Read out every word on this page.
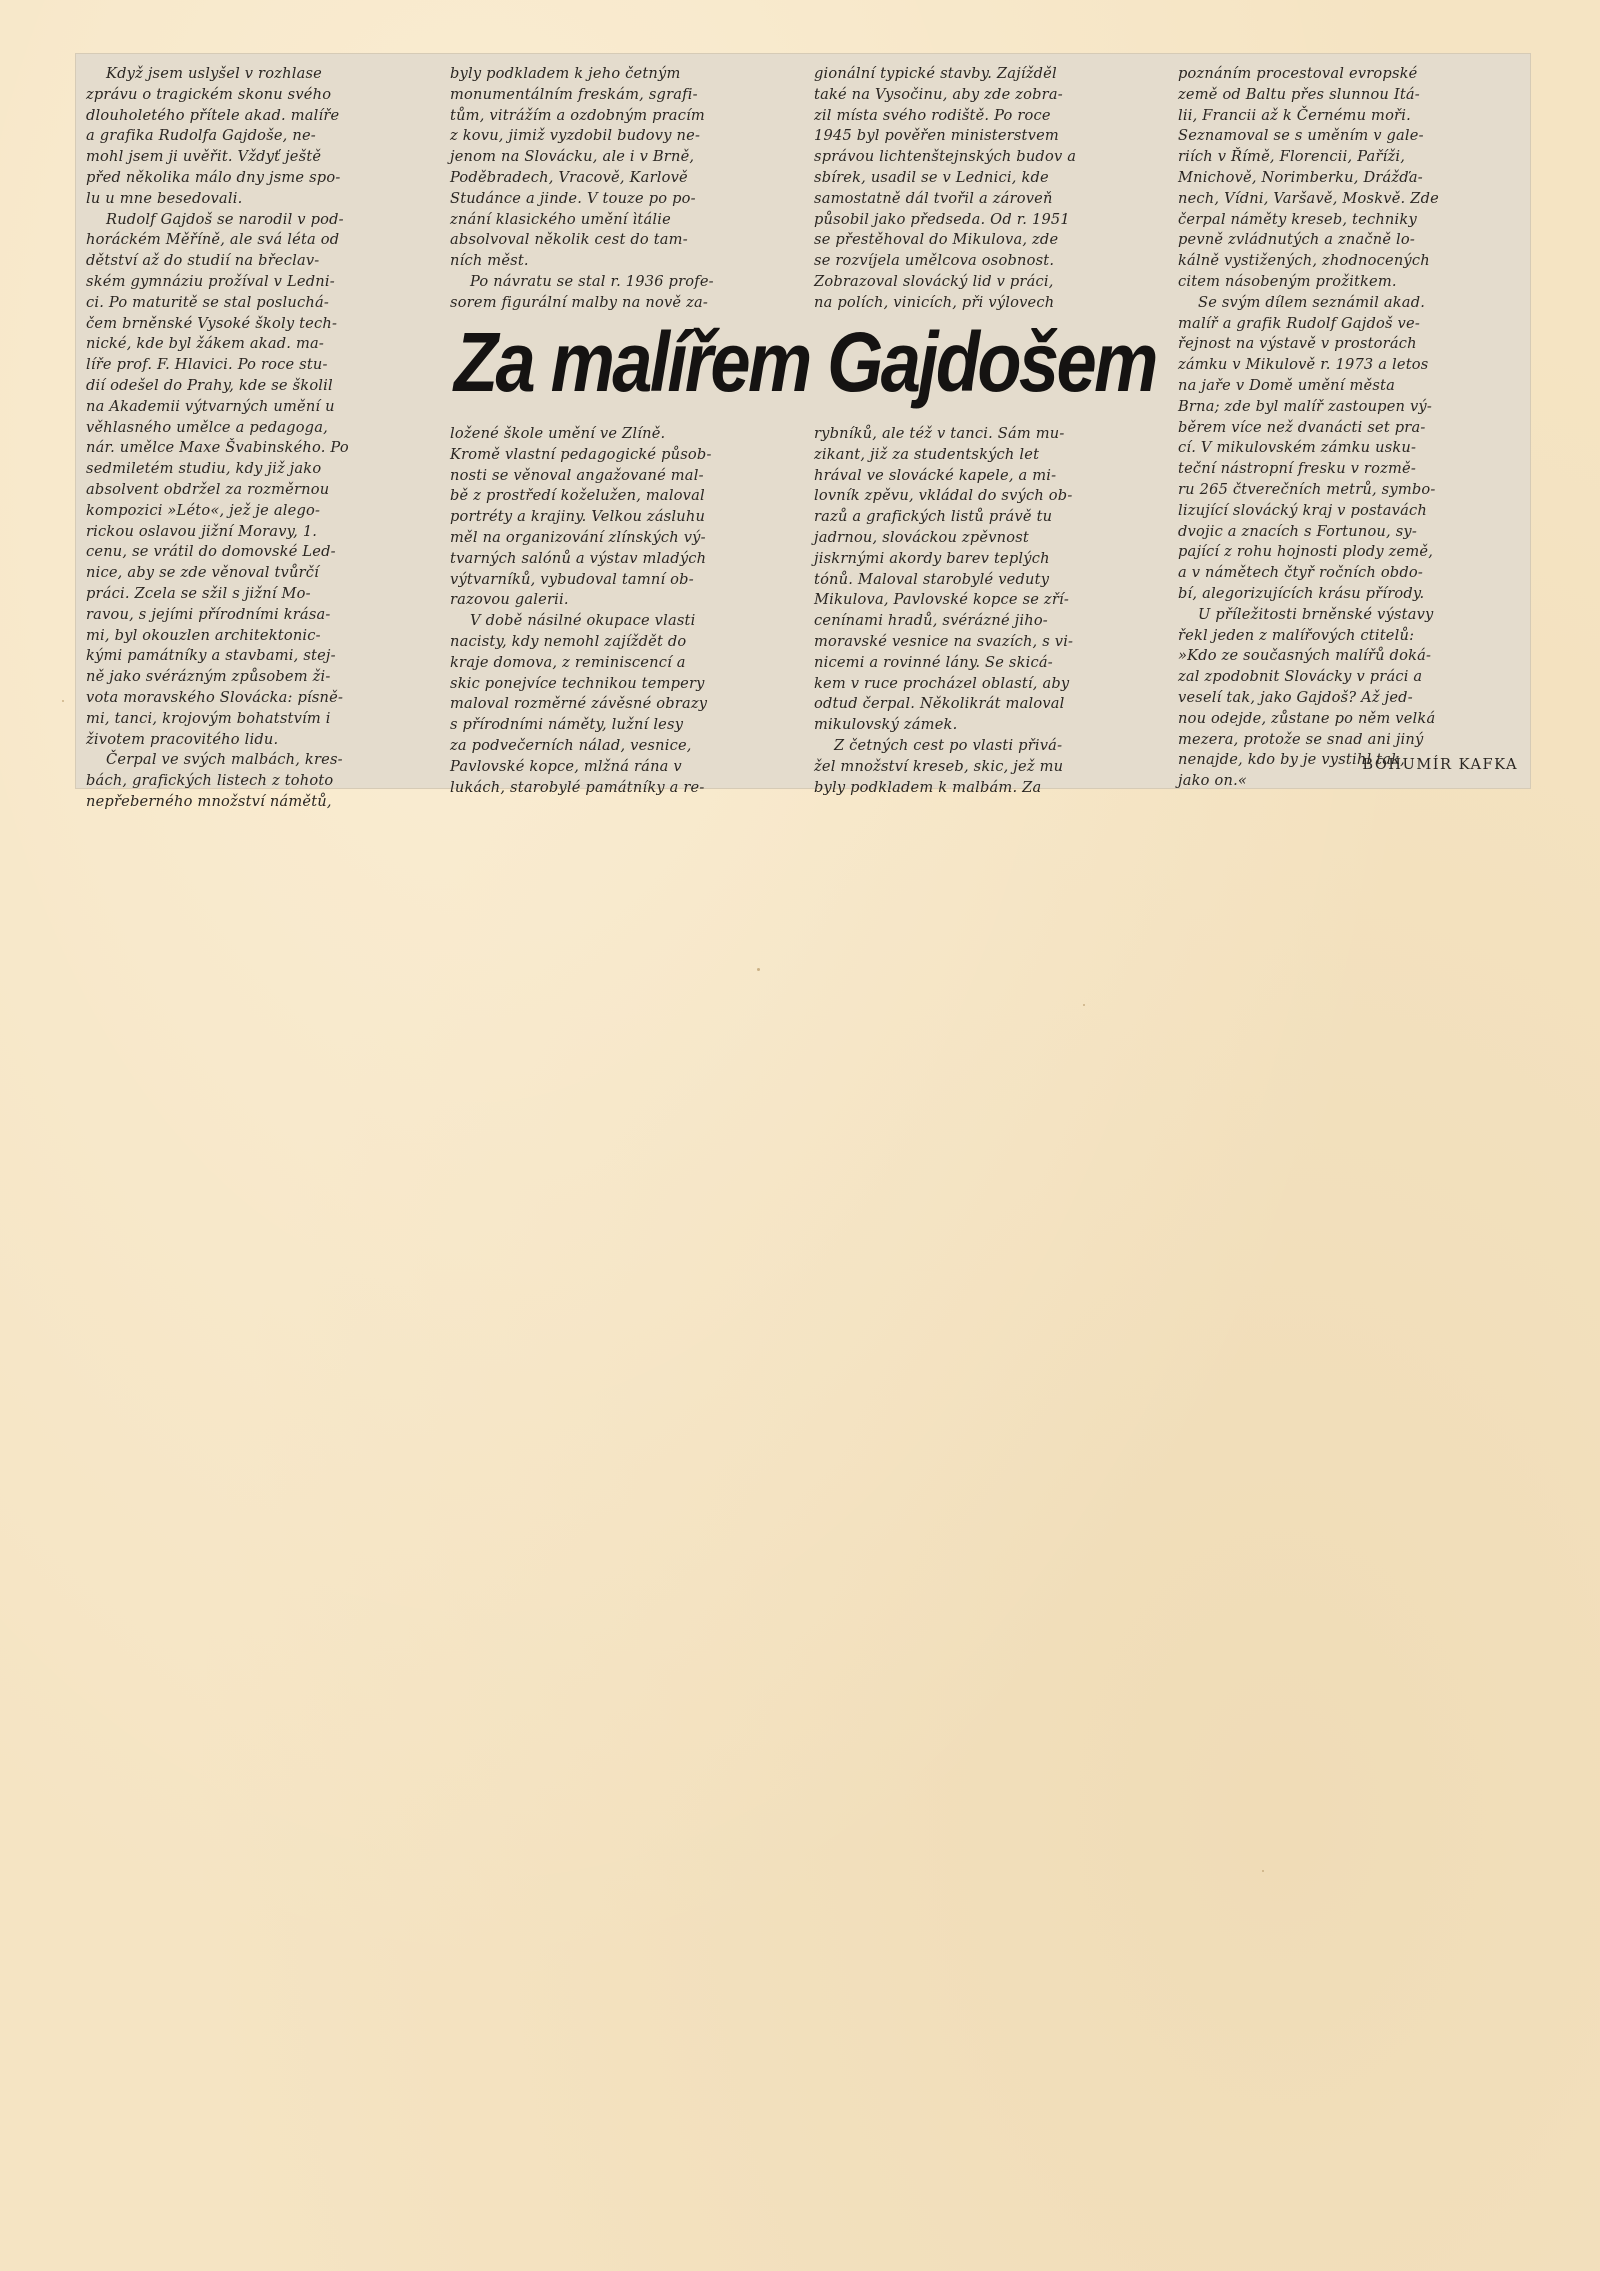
Když jsem uslyšel v rozhlase
zprávu o tragickém skonu svého
dlouholetého přítele akad. malíře
a grafika Rudolfa Gajdoše, ne-
mohl jsem ji uvěřit. Vždyť ještě
před několika málo dny jsme spo-
lu u mne besedovali.

Rudolf Gajdoš se narodil v pod-
horáckém Měříně, ale svá léta od
dětství až do studií na břeclav-
ském gymnáziu prožíval v Ledni-
ci. Po maturitě se stal posluchá-
čem brněnské Vysoké školy tech-
nické, kde byl žákem akad. ma-
líře prof. F. Hlavici. Po roce stu-
dií odešel do Prahy, kde se školil
na Akademii výtvarných umění u
věhlasného umělce a pedagoga,
nár. umělce Maxe Švabinského. Po
sedmiletém studiu, kdy již jako
absolvent obdržel za rozměrnou
kompozici »Léto«, jež je alego-
rickou oslavou jižní Moravy, 1.
cenu, se vrátil do domovské Led-
nice, aby se zde věnoval tvůrčí
práci. Zcela se sžil s jižní Mo-
ravou, s jejími přírodními krása-
mi, byl okouzlen architektonic-
kými památníky a stavbami, stej-
ně jako svérázným způsobem ži-
vota moravského Slovácka: písně-
mi, tanci, krojovým bohatstvím i
životem pracovitého lidu.

Čerpal ve svých malbách, kres-
bách, grafických listech z tohoto
nepřeberného množství námětů,

byly podkladem k jeho četným
monumentálním freskám, sgrafi-
tům, vitrážím a ozdobným pracím
z kovu, jimiž vyzdobil budovy ne-
jenom na Slovácku, ale i v Brně,
Poděbradech, Vracově, Karlově
Studánce a jinde. V touze po po-
znání klasického umění ìtálie
absolvoval několik cest do tam-
ních měst.

Po návratu se stal r. 1936 profe-
sorem figurální malby na nově za-

gionální typické stavby. Zajížděl
také na Vysočinu, aby zde zobra-
zil místa svého rodiště. Po roce
1945 byl pověřen ministerstvem
správou lichtenštejnských budov a
sbírek, usadil se v Lednici, kde
samostatně dál tvořil a zároveň
působil jako předseda. Od r. 1951
se přestěhoval do Mikulova, zde
se rozvíjela umělcova osobnost.
Zobrazoval slovácký lid v práci,
na polích, vinicích, při výlovech

Za malířem Gajdošem

ložené škole umění ve Zlíně.
Kromě vlastní pedagogické působ-
nosti se věnoval angažované mal-
bě z prostředí koželužen, maloval
portréty a krajiny. Velkou zásluhu
měl na organizování zlínských vý-
tvarných salónů a výstav mladých
výtvarníků, vybudoval tamní ob-
razovou galerii.

V době násilné okupace vlasti
nacisty, kdy nemohl zajíždět do
kraje domova, z reminiscencí a
skic ponejvíce technikou tempery
maloval rozměrné závěsné obrazy
s přírodními náměty, lužní lesy
za podvečerních nálad, vesnice,
Pavlovské kopce, mlžná rána v
lukách, starobylé památníky a re-

rybníků, ale též v tanci. Sám mu-
zikant, již za studentských let
hrával ve slovácké kapele, a mi-
lovník zpěvu, vkládal do svých ob-
razů a grafických listů právě tu
jadrnou, slováckou zpěvnost
jiskrnými akordy barev teplých
tónů. Maloval starobylé veduty
Mikulova, Pavlovské kopce se zří-
cenínami hradů, svérázné jiho-
moravské vesnice na svazích, s vi-
nicemi a rovinné lány. Se skicá-
kem v ruce procházel oblastí, aby
odtud čerpal. Několikrát maloval
mikulovský zámek.

Z četných cest po vlasti přivá-
žel množství kreseb, skic, jež mu
byly podkladem k malbám. Za

poznáním procestoval evropské
země od Baltu přes slunnou Itá-
lii, Francii až k Černému moři.
Seznamoval se s uměním v gale-
riích v Římě, Florencii, Paříži,
Mnichově, Norimberku, Drážďa-
nech, Vídni, Varšavě, Moskvě. Zde
čerpal náměty kreseb, techniky
pevně zvládnutých a značně lo-
kálně vystižených, zhodnocených
citem násobeným prožitkem.

Se svým dílem seznámil akad.
malíř a grafik Rudolf Gajdoš ve-
řejnost na výstavě v prostorách
zámku v Mikulově r. 1973 a letos
na jaře v Domě umění města
Brna; zde byl malíř zastoupen vý-
běrem více než dvanácti set pra-
cí. V mikulovském zámku usku-
teční nástropní fresku v rozmě-
ru 265 čtverečních metrů, symbo-
lizující slovácký kraj v postavách
dvojic a znacích s Fortunou, sy-
pající z rohu hojnosti plody země,
a v námětech čtyř ročních obdo-
bí, alegorizujících krásu přírody.

U příležitosti brněnské výstavy
řekl jeden z malířových ctitelů:
»Kdo ze současných malířů doká-
zal zpodobnit Slovácky v práci a
veselí tak, jako Gajdoš? Až jed-
nou odejde, zůstane po něm velká
mezera, protože se snad ani jiný
nenajde, kdo by je vystihl tak,
jako on.«

BOHUMÍR KAFKA
